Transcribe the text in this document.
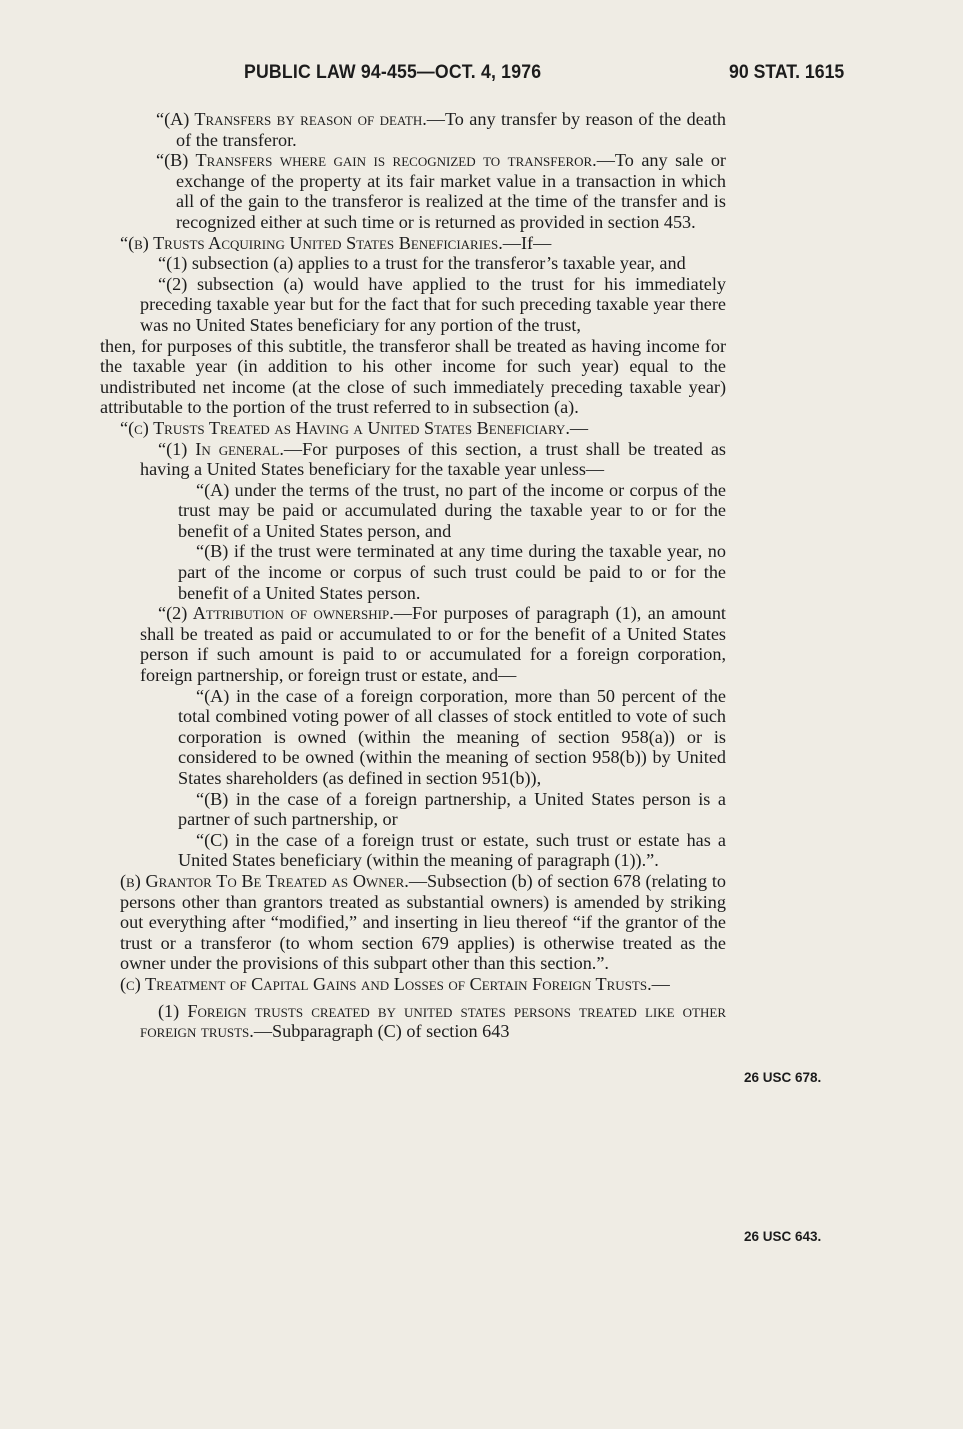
PUBLIC LAW 94-455—OCT. 4, 1976	90 STAT. 1615

“(A) Transfers by reason of death.—To any transfer by reason of the death of the transferor.

“(B) Transfers where gain is recognized to transferor.—To any sale or exchange of the property at its fair market value in a transaction in which all of the gain to the transferor is realized at the time of the transfer and is recognized either at such time or is returned as provided in section 453.

“(b) Trusts Acquiring United States Beneficiaries.—If—

“(1) subsection (a) applies to a trust for the transferor’s taxable year, and

“(2) subsection (a) would have applied to the trust for his immediately preceding taxable year but for the fact that for such preceding taxable year there was no United States beneficiary for any portion of the trust,

then, for purposes of this subtitle, the transferor shall be treated as having income for the taxable year (in addition to his other income for such year) equal to the undistributed net income (at the close of such immediately preceding taxable year) attributable to the portion of the trust referred to in subsection (a).

“(c) Trusts Treated as Having a United States Beneficiary.—

“(1) In general.—For purposes of this section, a trust shall be treated as having a United States beneficiary for the taxable year unless—

“(A) under the terms of the trust, no part of the income or corpus of the trust may be paid or accumulated during the taxable year to or for the benefit of a United States person, and

“(B) if the trust were terminated at any time during the taxable year, no part of the income or corpus of such trust could be paid to or for the benefit of a United States person.

“(2) Attribution of ownership.—For purposes of paragraph (1), an amount shall be treated as paid or accumulated to or for the benefit of a United States person if such amount is paid to or accumulated for a foreign corporation, foreign partnership, or foreign trust or estate, and—

“(A) in the case of a foreign corporation, more than 50 percent of the total combined voting power of all classes of stock entitled to vote of such corporation is owned (within the meaning of section 958(a)) or is considered to be owned (within the meaning of section 958(b)) by United States shareholders (as defined in section 951(b)),

“(B) in the case of a foreign partnership, a United States person is a partner of such partnership, or

“(C) in the case of a foreign trust or estate, such trust or estate has a United States beneficiary (within the meaning of paragraph (1)).”.

(b) Grantor To Be Treated as Owner.—Subsection (b) of section 678 (relating to persons other than grantors treated as substantial owners) is amended by striking out everything after “modified,” and inserting in lieu thereof “if the grantor of the trust or a transferor (to whom section 679 applies) is otherwise treated as the owner under the provisions of this subpart other than this section.”.

(c) Treatment of Capital Gains and Losses of Certain Foreign Trusts.—

(1) Foreign trusts created by united states persons treated like other foreign trusts.—Subparagraph (C) of section 643

26 USC 678.
26 USC 643.
